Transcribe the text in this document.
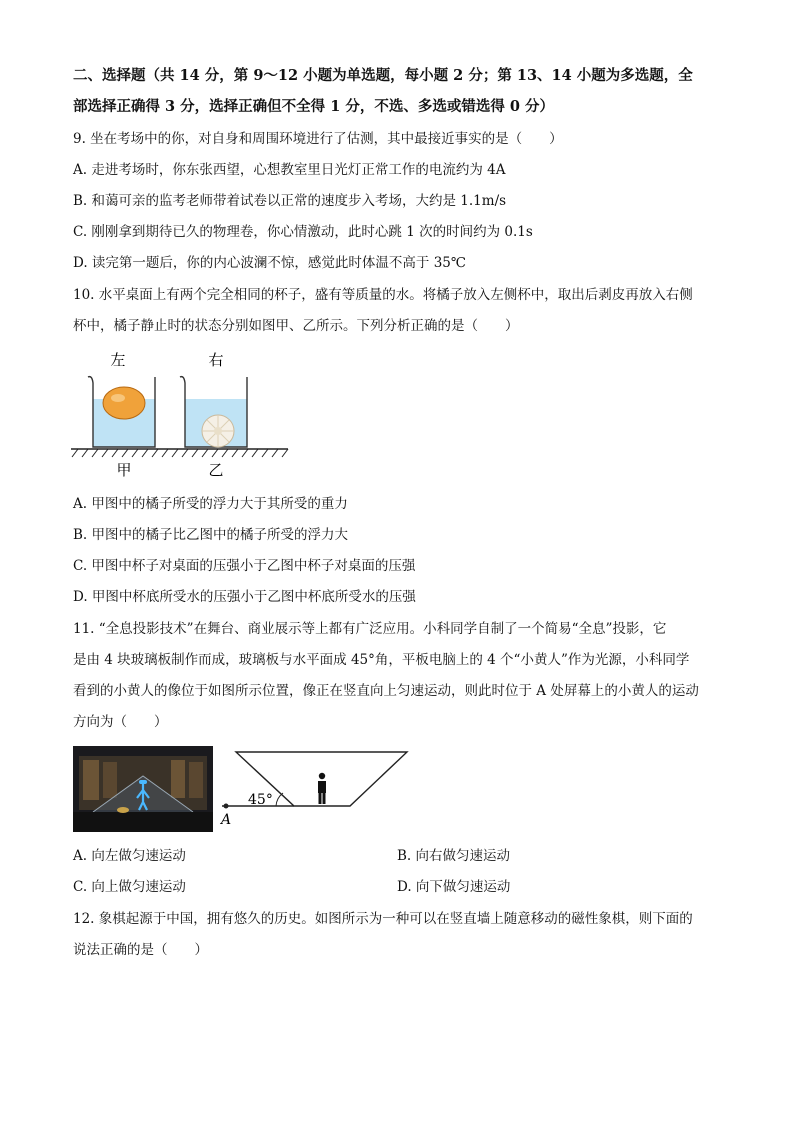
二、选择题（共 14 分，第 9～12 小题为单选题，每小题 2 分；第 13、14 小题为多选题，全
部选择正确得 3 分，选择正确但不全得 1 分，不选、多选或错选得 0 分）
9. 坐在考场中的你，对自身和周围环境进行了估测，其中最接近事实的是（　　）
A. 走进考场时，你东张西望，心想教室里日光灯正常工作的电流约为 4A
B. 和蔼可亲的监考老师带着试卷以正常的速度步入考场，大约是 1.1m/s
C. 刚刚拿到期待已久的物理卷，你心情激动，此时心跳 1 次的时间约为 0.1s
D. 读完第一题后，你的内心波澜不惊，感觉此时体温不高于 35℃
10. 水平桌面上有两个完全相同的杯子，盛有等质量的水。将橘子放入左侧杯中，取出后剥皮再放入右侧
杯中，橘子静止时的状态分别如图甲、乙所示。下列分析正确的是（　　）
左	右
甲	乙
A. 甲图中的橘子所受的浮力大于其所受的重力
B. 甲图中的橘子比乙图中的橘子所受的浮力大
C. 甲图中杯子对桌面的压强小于乙图中杯子对桌面的压强
D. 甲图中杯底所受水的压强小于乙图中杯底所受水的压强
11. “全息投影技术”在舞台、商业展示等上都有广泛应用。小科同学自制了一个简易“全息”投影，它
是由 4 块玻璃板制作而成，玻璃板与水平面成 45°角，平板电脑上的 4 个“小黄人”作为光源，小科同学
看到的小黄人的像位于如图所示位置，像正在竖直向上匀速运动，则此时位于 A 处屏幕上的小黄人的运动
方向为（　　）
45°
A
A. 向左做匀速运动	B. 向右做匀速运动
C. 向上做匀速运动	D. 向下做匀速运动
12. 象棋起源于中国，拥有悠久的历史。如图所示为一种可以在竖直墙上随意移动的磁性象棋，则下面的
说法正确的是（　　）
